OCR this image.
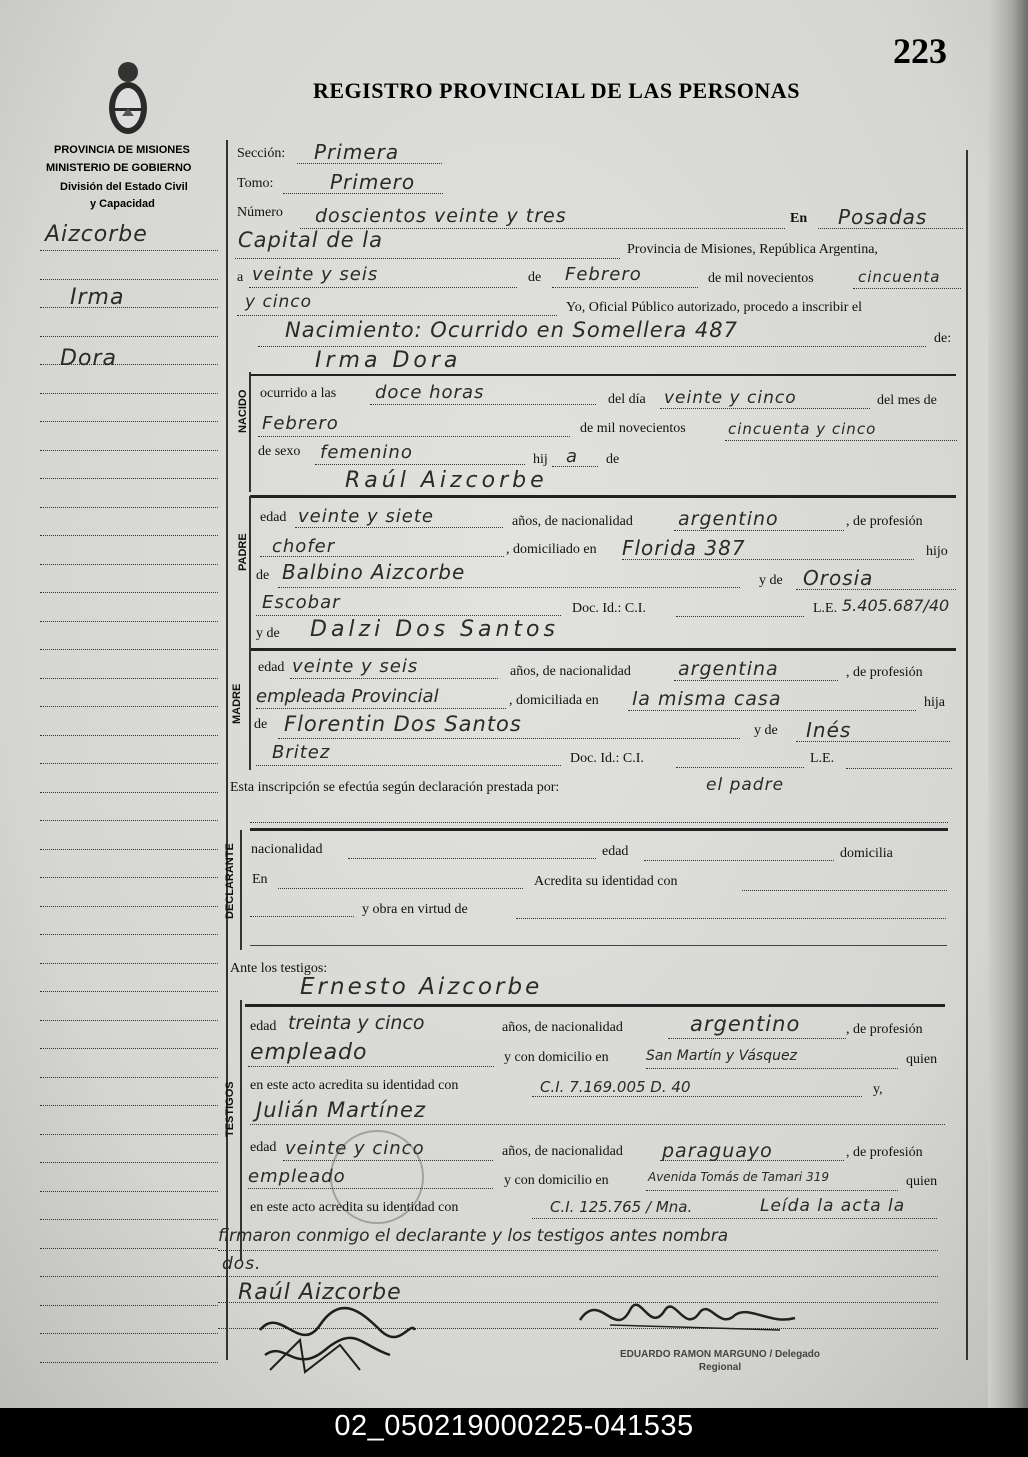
223
REGISTRO PROVINCIAL DE LAS PERSONAS
PROVINCIA DE MISIONES
MINISTERIO DE GOBIERNO
División del Estado Civil
y Capacidad
Aizcorbe
Irma
Dora
Sección: Primera
Tomo:	Primero
Número doscientos veinte y tres	En Posadas
Capital de la	Provincia de Misiones, República Argentina,
a veinte y seis	de Febrero	de mil novecientos	cincuenta
y cinco	Yo, Oficial Público autorizado, procedo a inscribir el
Nacimiento: Ocurrido en Somellera 487	de:
NACIDO
Irma Dora
ocurrido a las doce horas	del día veinte y cinco	del mes de
Febrero	de mil novecientos	cincuenta y cinco
de sexo femenino	hij a de
Raúl Aizcorbe
PADRE
edad veinte y siete	años, de nacionalidad argentino	, de profesión
chofer	, domiciliado en Florida 387	hijo
de Balbino Aizcorbe	y de Orosia
Escobar	Doc. Id.: C.I.	L.E. 5.405.687/40
y de Dalzi Dos Santos
MADRE
edad veinte y seis	años, de nacionalidad argentina	, de profesión
empleada Provincial	, domiciliada en la misma casa	hija
de Florentin Dos Santos	y de Inés
Britez	Doc. Id.: C.I.	L.E.
Esta inscripción se efectúa según declaración prestada por:	el padre
DECLARANTE nacionalidad	edad	domicilia
En	Acredita su identidad con
y obra en virtud de
Ante los testigos:
Ernesto Aizcorbe
TESTIGOS
edad treinta y cinco	años, de nacionalidad	argentino	, de profesión
empleado	y con domicilio en	San Martín y Vásquez	quien
en este acto acredita su identidad con	C.I. 7.169.005 D. 40	y,
Julián Martínez
edad veinte y cinco	años, de nacionalidad paraguayo	, de profesión
empleado	y con domicilio en	Avenida Tomás de Tamari 319	quien
en este acto acredita su identidad con	C.I. 125.765 / Mna.	Leída la acta la
firmaron conmigo el declarante y los testigos antes nombra
dos.
Raúl Aizcorbe
EDUARDO RAMON MARGUNO / Delegado Regional
02_050219000225-041535
